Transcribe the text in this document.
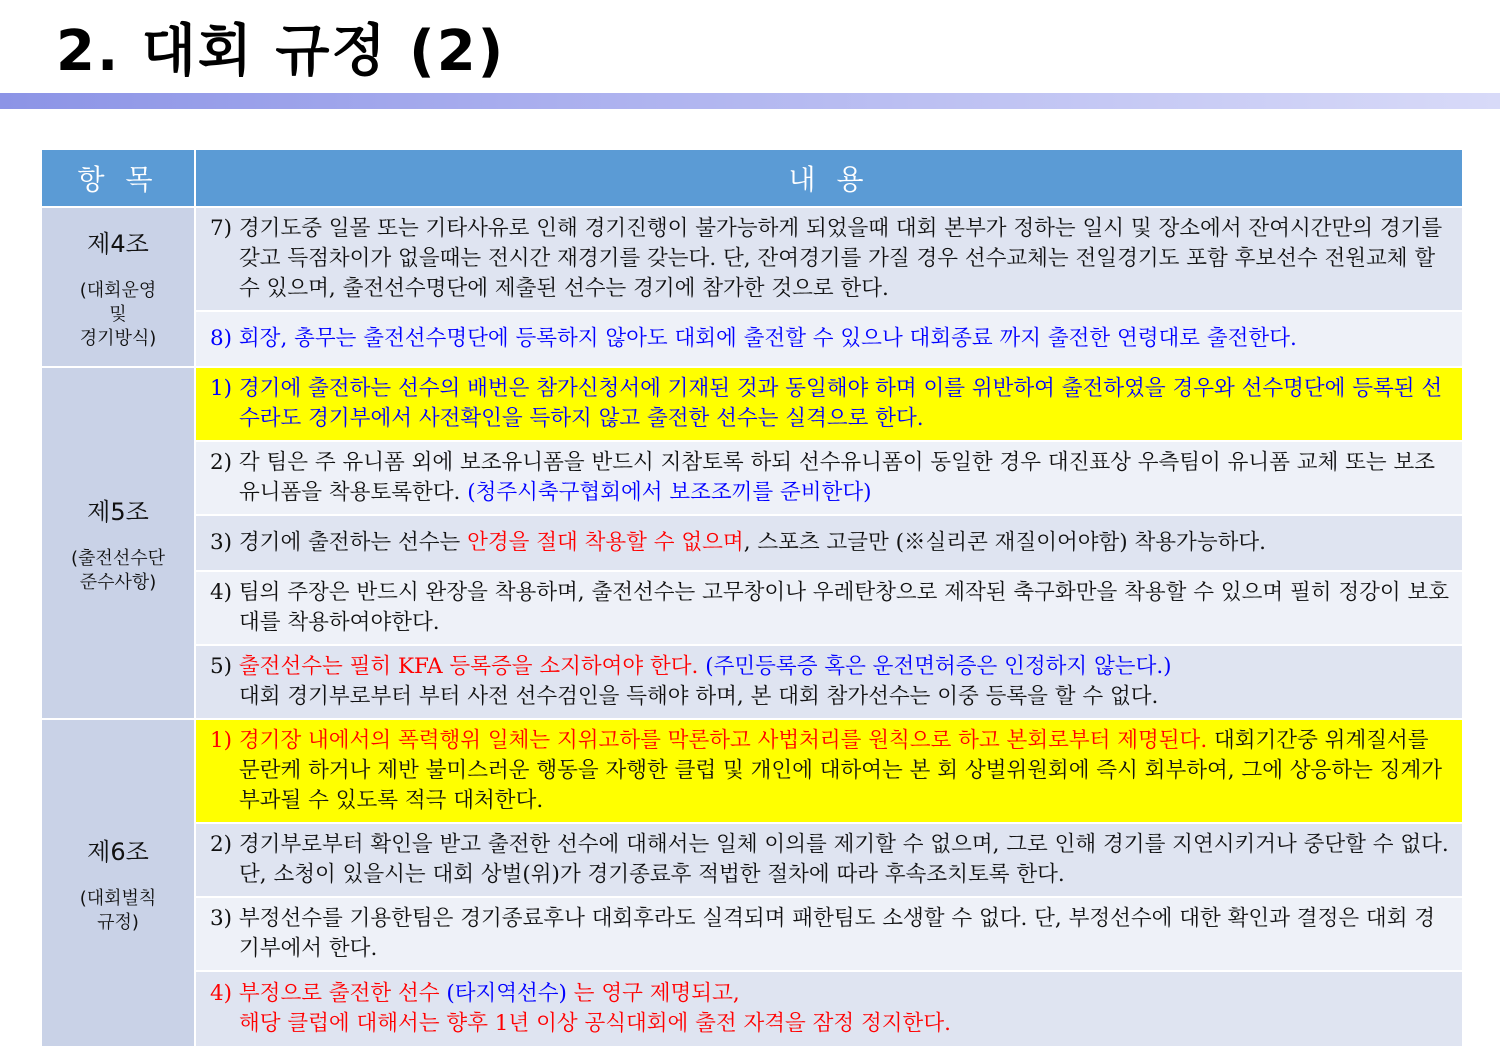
2. 대회 규정 (2)
항 목	내 용

제4조
(대회운영
및
경기방식)	7) 경기도중 일몰 또는 기타사유로 인해 경기진행이 불가능하게 되었을때 대회 본부가 정하는 일시 및 장소에서 잔여시간만의 경기를 갖고 득점차이가 없을때는 전시간 재경기를 갖는다. 단, 잔여경기를 가질 경우 선수교체는 전일경기도 포함 후보선수 전원교체 할 수 있으며, 출전선수명단에 제출된 선수는 경기에 참가한 것으로 한다.

	8) 회장, 총무는 출전선수명단에 등록하지 않아도 대회에 출전할 수 있으나 대회종료 까지 출전한 연령대로 출전한다.

제5조
(출전선수단
준수사항)	1) 경기에 출전하는 선수의 배번은 참가신청서에 기재된 것과 동일해야 하며 이를 위반하여 출전하였을 경우와 선수명단에 등록된 선수라도 경기부에서 사전확인을 득하지 않고 출전한 선수는 실격으로 한다.

	2) 각 팀은 주 유니폼 외에 보조유니폼을 반드시 지참토록 하되 선수유니폼이 동일한 경우 대진표상 우측팀이 유니폼 교체 또는 보조유니폼을 착용토록한다. (청주시축구협회에서 보조조끼를 준비한다)

	3) 경기에 출전하는 선수는 안경을 절대 착용할 수 없으며, 스포츠 고글만 (※실리콘 재질이어야함) 착용가능하다.

	4) 팀의 주장은 반드시 완장을 착용하며, 출전선수는 고무창이나 우레탄창으로 제작된 축구화만을 착용할 수 있으며 필히 정강이 보호대를 착용하여야한다.

	5) 출전선수는 필히 KFA 등록증을 소지하여야 한다. (주민등록증 혹은 운전면허증은 인정하지 않는다.)
대회 경기부로부터 부터 사전 선수검인을 득해야 하며, 본 대회 참가선수는 이중 등록을 할 수 없다.

제6조
(대회벌칙
규정)	1) 경기장 내에서의 폭력행위 일체는 지위고하를 막론하고 사법처리를 원칙으로 하고 본회로부터 제명된다. 대회기간중 위계질서를 문란케 하거나 제반 불미스러운 행동을 자행한 클럽 및 개인에 대하여는 본 회 상벌위원회에 즉시 회부하여, 그에 상응하는 징계가 부과될 수 있도록 적극 대처한다.

	2) 경기부로부터 확인을 받고 출전한 선수에 대해서는 일체 이의를 제기할 수 없으며, 그로 인해 경기를 지연시키거나 중단할 수 없다. 단, 소청이 있을시는 대회 상벌(위)가 경기종료후 적법한 절차에 따라 후속조치토록 한다.

	3) 부정선수를 기용한팀은 경기종료후나 대회후라도 실격되며 패한팀도 소생할 수 없다. 단, 부정선수에 대한 확인과 결정은 대회 경기부에서 한다.

	4) 부정으로 출전한 선수 (타지역선수) 는 영구 제명되고,
해당 클럽에 대해서는 향후 1년 이상 공식대회에 출전 자격을 잠정 정지한다.
